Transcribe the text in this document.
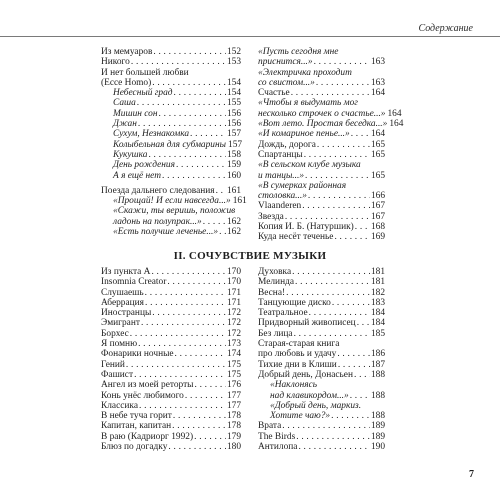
Содержание
Из мемуаров . . .	152
Никого . . .	153
И нет большей любви
(Ecce Homo) . . .	154
Небесный град . . .	154
Саша . . .	155
Мишин сон . . .	156
Джан . . .	156
Сухум, Незнакомка . . .	157
Колыбельная для субмарины 157
Кукушка . . .	158
День рождения . . .	159
А я ещё нет . . .	160
Поезда дальнего следования . . . 161
«Прощай! И если навсегда...» 161
«Скажи, ты веришь, положив
ладонь на полупрак...» . . .	162
«Есть получше леченье...» . . . 162
«Пусть сегодня мне
приснится...» . . .	163
«Электричка проходит
со свистом...» . . .	163
Счастье . . .	164
«Чтобы я выдумать мог
несколько строчек о счастье...» 164
«Вот лето. Простая беседка...» 164
«И комариное пенье...» . . . 164
Дождь, дорога . . .	165
Спартанцы . . .	165
«В сельском клубе музыка
и танцы...» . . .	165
«В сумерках районная
столовка...» . . .	166
Vlaanderen . . .	167
Звезда . . .	167
Копия И. Б. (Натуршик) . . . 168
Куда несёт теченье . . .	169
II. СОЧУВСТВИЕ МУЗЫКИ
Из пункта А . . .	170
Insomnia Creator . . .	170
Слушаешь . . .	171
Аберрация . . .	171
Иностранцы . . .	172
Эмигрант . . .	172
Борхес . . .	172
Я помню . . .	173
Фонарики ночные . . .	174
Гений . . .	175
Фашист . . .	175
Ангел из моей реторты . . .	176
Конь унёс любимого . . .	177
Классика . . .	177
В небе туча горит . . .	178
Капитан, капитан . . .	178
В раю (Кадриорг 1992) . . .	179
Блюз по догадку . . .	180
Духовка . . .	181
Мелинда . . .	181
Весна! . . .	182
Танцующие диско . . .	183
Театральное . . .	184
Придворный живописец . . . 184
Без лица . . .	185
Старая-старая книга
про любовь и удачу . . .	186
Тихие дни в Клиши . . .	187
Добрый день, Донасьен . . . 188
«Наклонясь
над клавикордом...» . . . 188
«Добрый день, маркиз.
Хотите чаю?» . . .	188
Врата . . .	189
The Birds . . .	189
Антилопа . . .	190
7
